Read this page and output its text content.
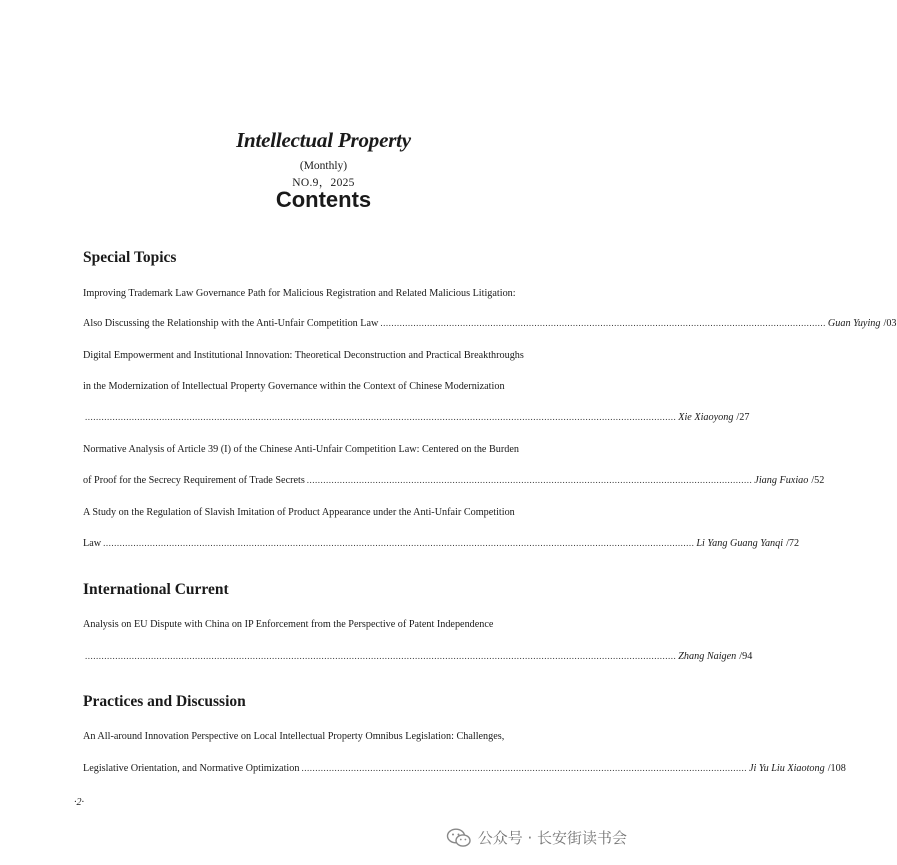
Intellectual Property
(Monthly)
NO.9，2025
Contents
Special Topics
Improving Trademark Law Governance Path for Malicious Registration and Related Malicious Litigation:
Also Discussing the Relationship with the Anti-Unfair Competition Law .................................................................................................................................................................. Guan Yuying /03
Digital Empowerment and Institutional Innovation: Theoretical Deconstruction and Practical Breakthroughs
in the Modernization of Intellectual Property Governance within the Context of Chinese Modernization
....................................................................................................................................................................................................................... Xie Xiaoyong /27
Normative Analysis of Article 39 (I) of the Chinese Anti-Unfair Competition Law: Centered on the Burden
of Proof for the Secrecy Requirement of Trade Secrets .................................................................................................................................................................. Jiang Fuxiao /52
A Study on the Regulation of Slavish Imitation of Product Appearance under the Anti-Unfair Competition
Law ....................................................................................................................................................................................................................... Li Yang Guang Yanqi /72
International Current
Analysis on EU Dispute with China on IP Enforcement from the Perspective of Patent Independence
....................................................................................................................................................................................................................... Zhang Naigen /94
Practices and Discussion
An All-around Innovation Perspective on Local Intellectual Property Omnibus Legislation: Challenges,
Legislative Orientation, and Normative Optimization .................................................................................................................................................................. Ji Yu Liu Xiaotong /108
·2·
公众号 · 长安街读书会
